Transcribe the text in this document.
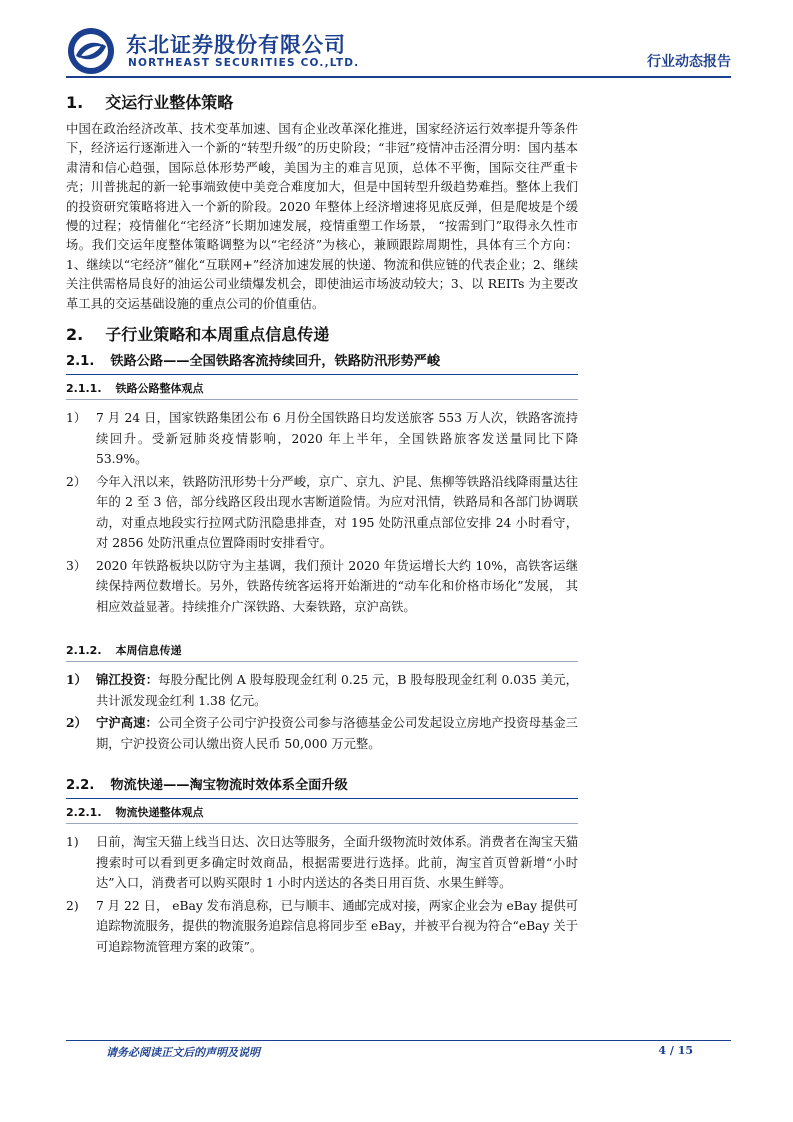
东北证券股份有限公司
NORTHEAST SECURITIES CO.,LTD.	行业动态报告
1. 交运行业整体策略

中国在政治经济改革、技术变革加速、国有企业改革深化推进，国家经济运行效率提升等条件下，经济运行逐渐进入一个新的“转型升级”的历史阶段；“非冠”疫情冲击泾渭分明：国内基本肃清和信心趋强，国际总体形势严峻，美国为主的难言见顶，总体不平衡，国际交往严重卡壳；川普挑起的新一轮事端致使中美竞合难度加大，但是中国转型升级趋势难挡。整体上我们的投资研究策略将进入一个新的阶段。2020 年整体上经济增速将见底反弹，但是爬坡是个缓慢的过程；疫情催化“宅经济”长期加速发展，疫情重塑工作场景， “按需到门”取得永久性市场。我们交运年度整体策略调整为以“宅经济”为核心，兼顾跟踪周期性，具体有三个方向：1、继续以“宅经济”催化“互联网+”经济加速发展的快递、物流和供应链的代表企业；2、继续关注供需格局良好的油运公司业绩爆发机会，即使油运市场波动较大；3、以 REITs 为主要改革工具的交运基础设施的重点公司的价值重估。

2. 子行业策略和本周重点信息传递
2.1. 铁路公路——全国铁路客流持续回升，铁路防汛形势严峻
2.1.1. 铁路公路整体观点
1） 7 月 24 日，国家铁路集团公布 6 月份全国铁路日均发送旅客 553 万人次，铁路客流持续回升。受新冠肺炎疫情影响，2020 年上半年，全国铁路旅客发送量同比下降 53.9%。
2） 今年入汛以来，铁路防汛形势十分严峻，京广、京九、沪昆、焦柳等铁路沿线降雨量达往年的 2 至 3 倍，部分线路区段出现水害断道险情。为应对汛情，铁路局和各部门协调联动，对重点地段实行拉网式防汛隐患排查，对 195 处防汛重点部位安排 24 小时看守，对 2856 处防汛重点位置降雨时安排看守。
3） 2020 年铁路板块以防守为主基调，我们预计 2020 年货运增长大约 10%，高铁客运继续保持两位数增长。另外，铁路传统客运将开始渐进的“动车化和价格市场化”发展， 其相应效益显著。持续推介广深铁路、大秦铁路，京沪高铁。
2.1.2. 本周信息传递
1） 锦江投资：每股分配比例 A 股每股现金红利 0.25 元，B 股每股现金红利 0.035 美元，共计派发现金红利 1.38 亿元。
2） 宁沪高速：公司全资子公司宁沪投资公司参与洛德基金公司发起设立房地产投资母基金三期，宁沪投资公司认缴出资人民币 50,000 万元整。
2.2. 物流快递——淘宝物流时效体系全面升级
2.2.1. 物流快递整体观点
1)	日前，淘宝天猫上线当日达、次日达等服务，全面升级物流时效体系。消费者在淘宝天猫搜索时可以看到更多确定时效商品，根据需要进行选择。此前，淘宝首页曾新增“小时达”入口，消费者可以购买限时 1 小时内送达的各类日用百货、水果生鲜等。
2)	7 月 22 日， eBay 发布消息称，已与顺丰、通邮完成对接，两家企业会为 eBay 提供可追踪物流服务，提供的物流服务追踪信息将同步至 eBay，并被平台视为符合“eBay 关于可追踪物流管理方案的政策”。
请务必阅读正文后的声明及说明	4 / 15
